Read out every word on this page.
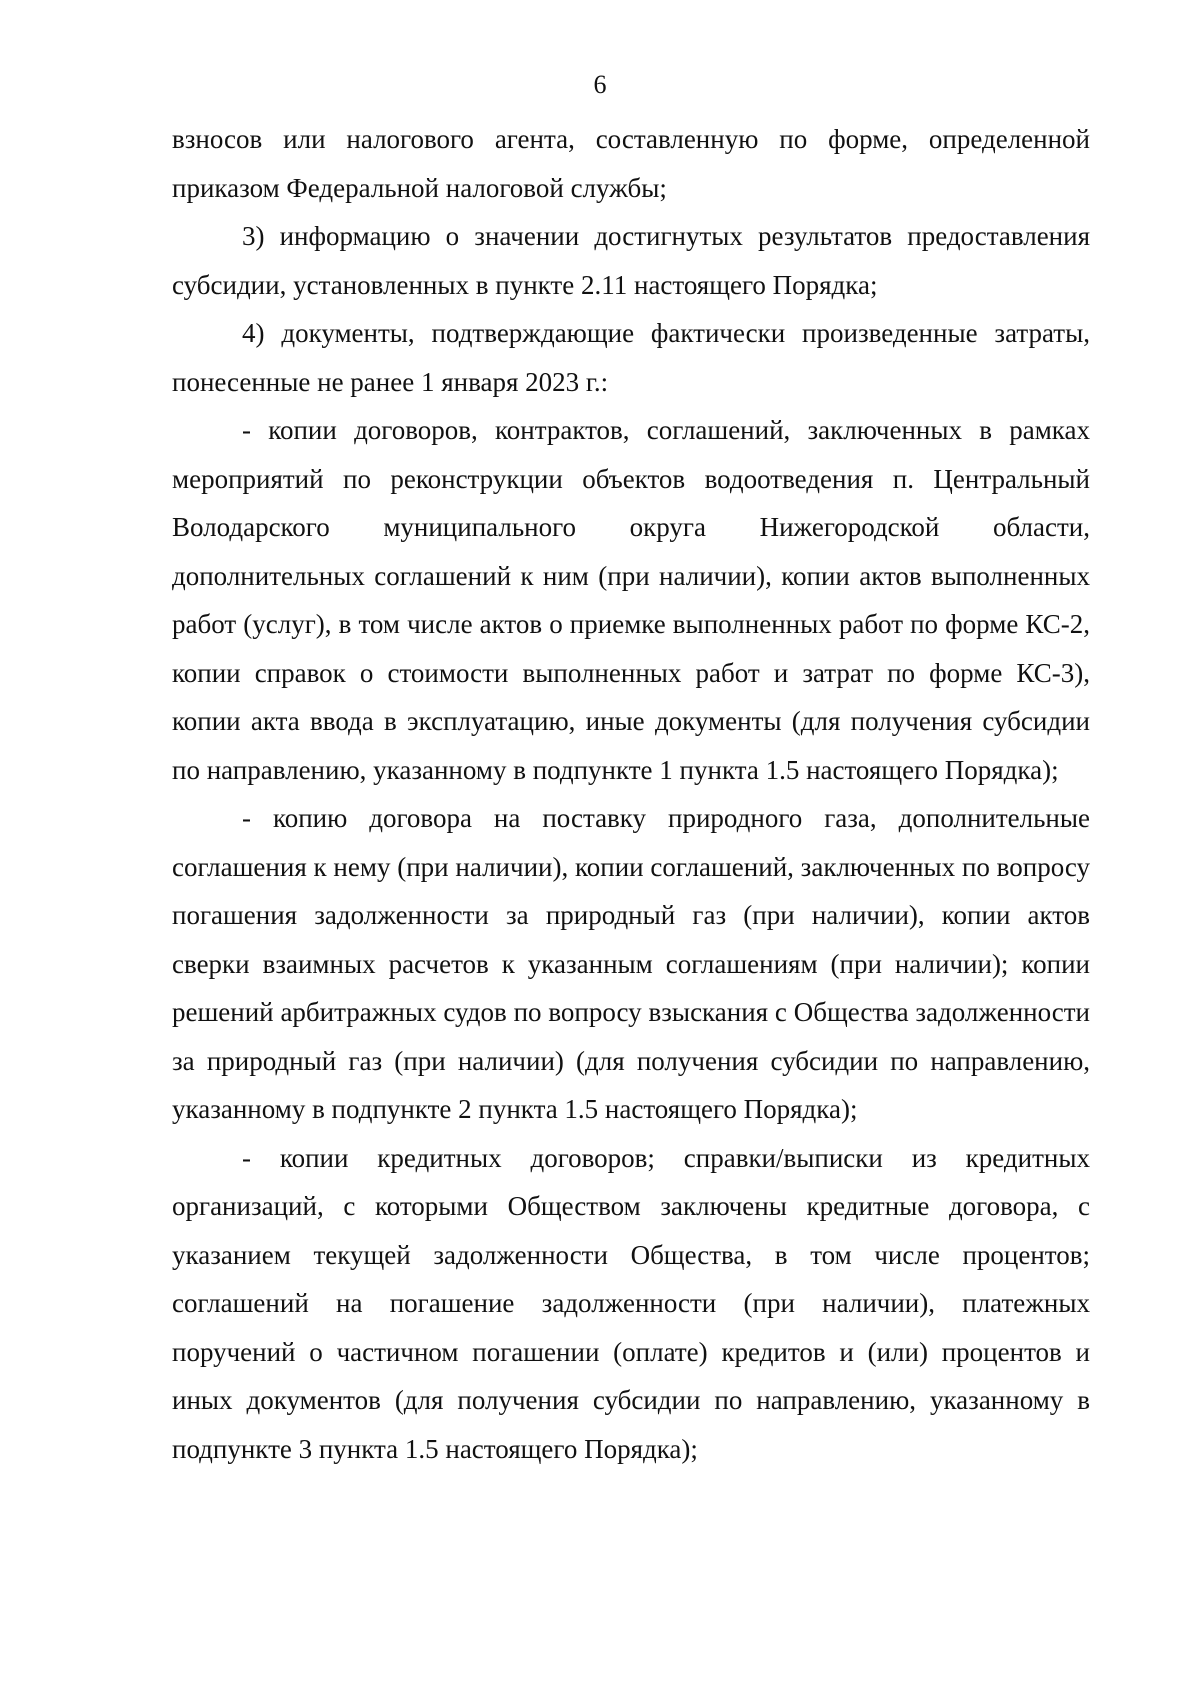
6

взносов или налогового агента, составленную по форме, определенной приказом Федеральной налоговой службы;

3) информацию о значении достигнутых результатов предоставления субсидии, установленных в пункте 2.11 настоящего Порядка;

4) документы, подтверждающие фактически произведенные затраты, понесенные не ранее 1 января 2023 г.:

- копии договоров, контрактов, соглашений, заключенных в рамках мероприятий по реконструкции объектов водоотведения п. Центральный Володарского муниципального округа Нижегородской области, дополнительных соглашений к ним (при наличии), копии актов выполненных работ (услуг), в том числе актов о приемке выполненных работ по форме КС-2, копии справок о стоимости выполненных работ и затрат по форме КС-3), копии акта ввода в эксплуатацию, иные документы (для получения субсидии по направлению, указанному в подпункте 1 пункта 1.5 настоящего Порядка);

- копию договора на поставку природного газа, дополнительные соглашения к нему (при наличии), копии соглашений, заключенных по вопросу погашения задолженности за природный газ (при наличии), копии актов сверки взаимных расчетов к указанным соглашениям (при наличии); копии решений арбитражных судов по вопросу взыскания с Общества задолженности за природный газ (при наличии) (для получения субсидии по направлению, указанному в подпункте 2 пункта 1.5 настоящего Порядка);

- копии кредитных договоров; справки/выписки из кредитных организаций, с которыми Обществом заключены кредитные договора, с указанием текущей задолженности Общества, в том числе процентов; соглашений на погашение задолженности (при наличии), платежных поручений о частичном погашении (оплате) кредитов и (или) процентов и иных документов (для получения субсидии по направлению, указанному в подпункте 3 пункта 1.5 настоящего Порядка);
